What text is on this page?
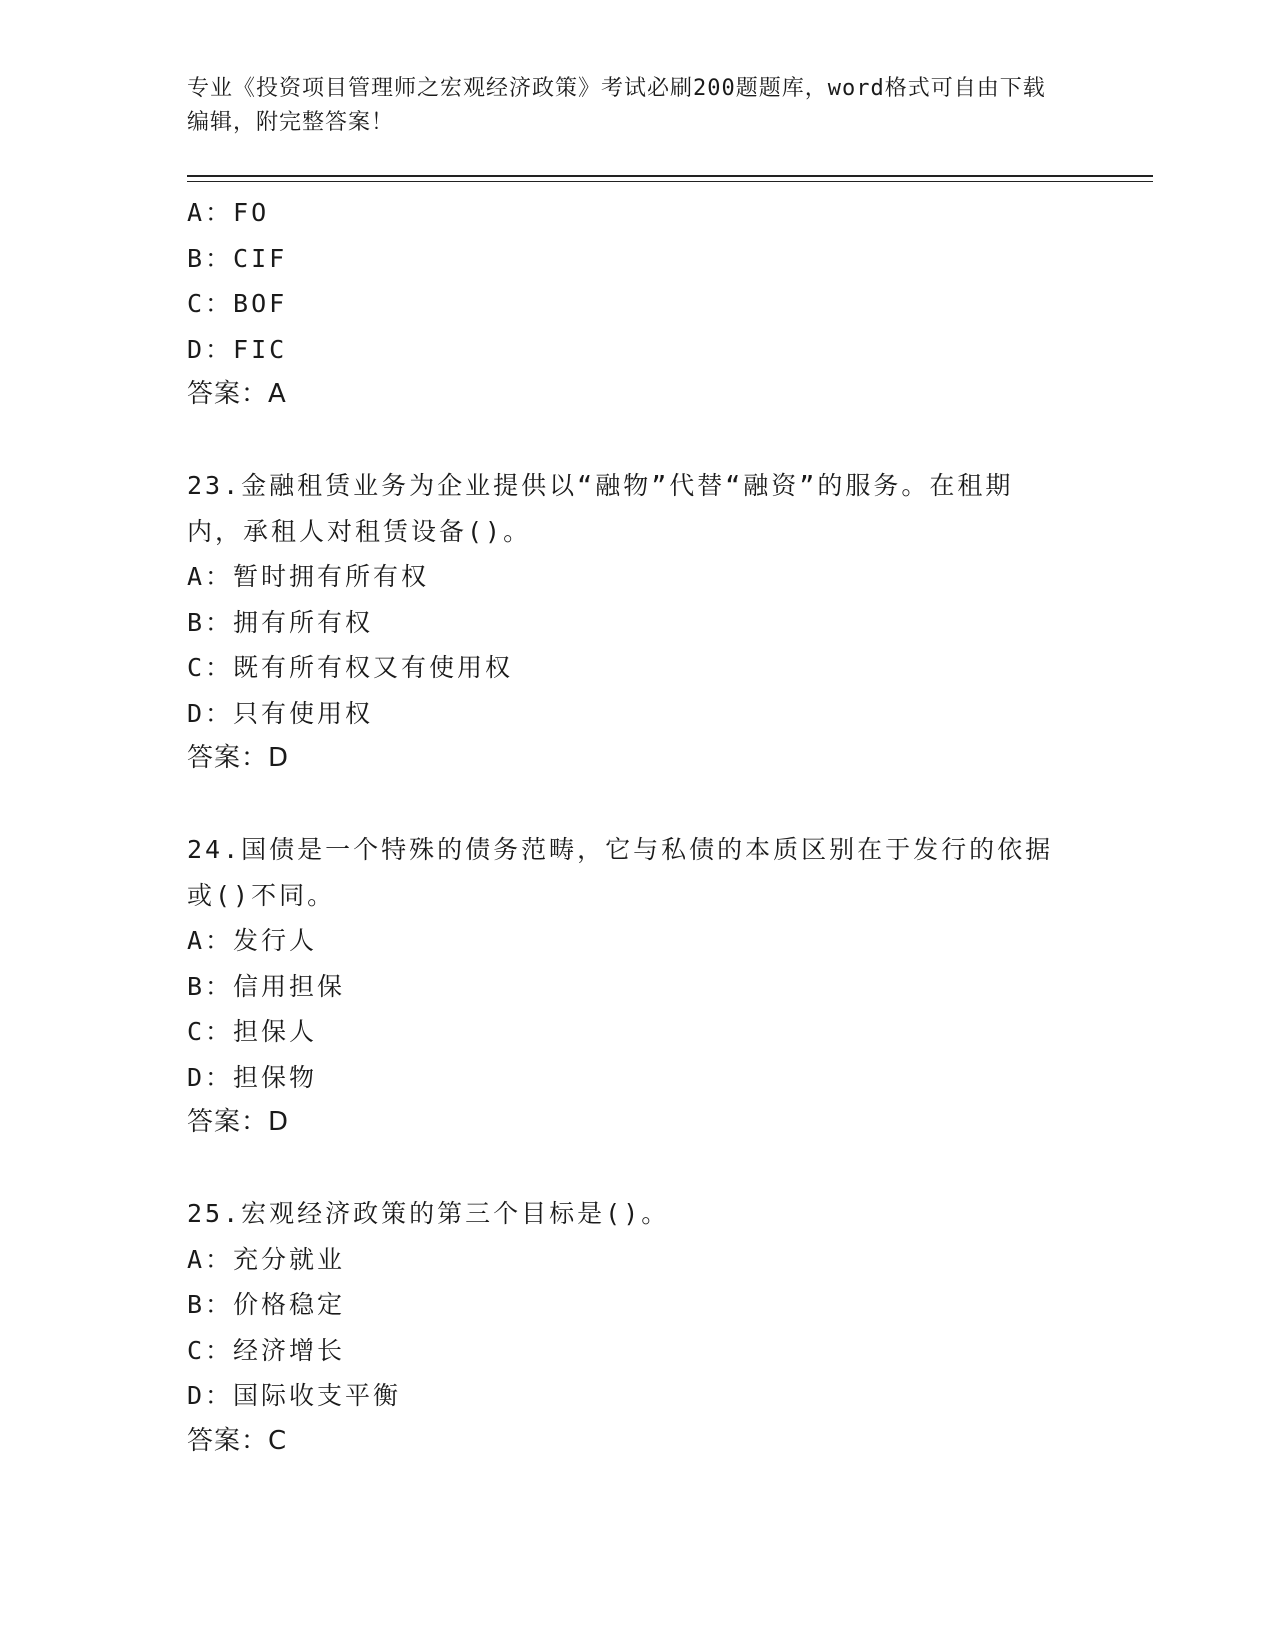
专业《投资项目管理师之宏观经济政策》考试必刷200题题库，word格式可自由下载编辑，附完整答案！
A：FO
B：CIF
C：BOF
D：FIC
答案：A
23.金融租赁业务为企业提供以“融物”代替“融资”的服务。在租期内，承租人对租赁设备()。
A：暂时拥有所有权
B：拥有所有权
C：既有所有权又有使用权
D：只有使用权
答案：D
24.国债是一个特殊的债务范畴，它与私债的本质区别在于发行的依据或()不同。
A：发行人
B：信用担保
C：担保人
D：担保物
答案：D
25.宏观经济政策的第三个目标是()。
A：充分就业
B：价格稳定
C：经济增长
D：国际收支平衡
答案：C
